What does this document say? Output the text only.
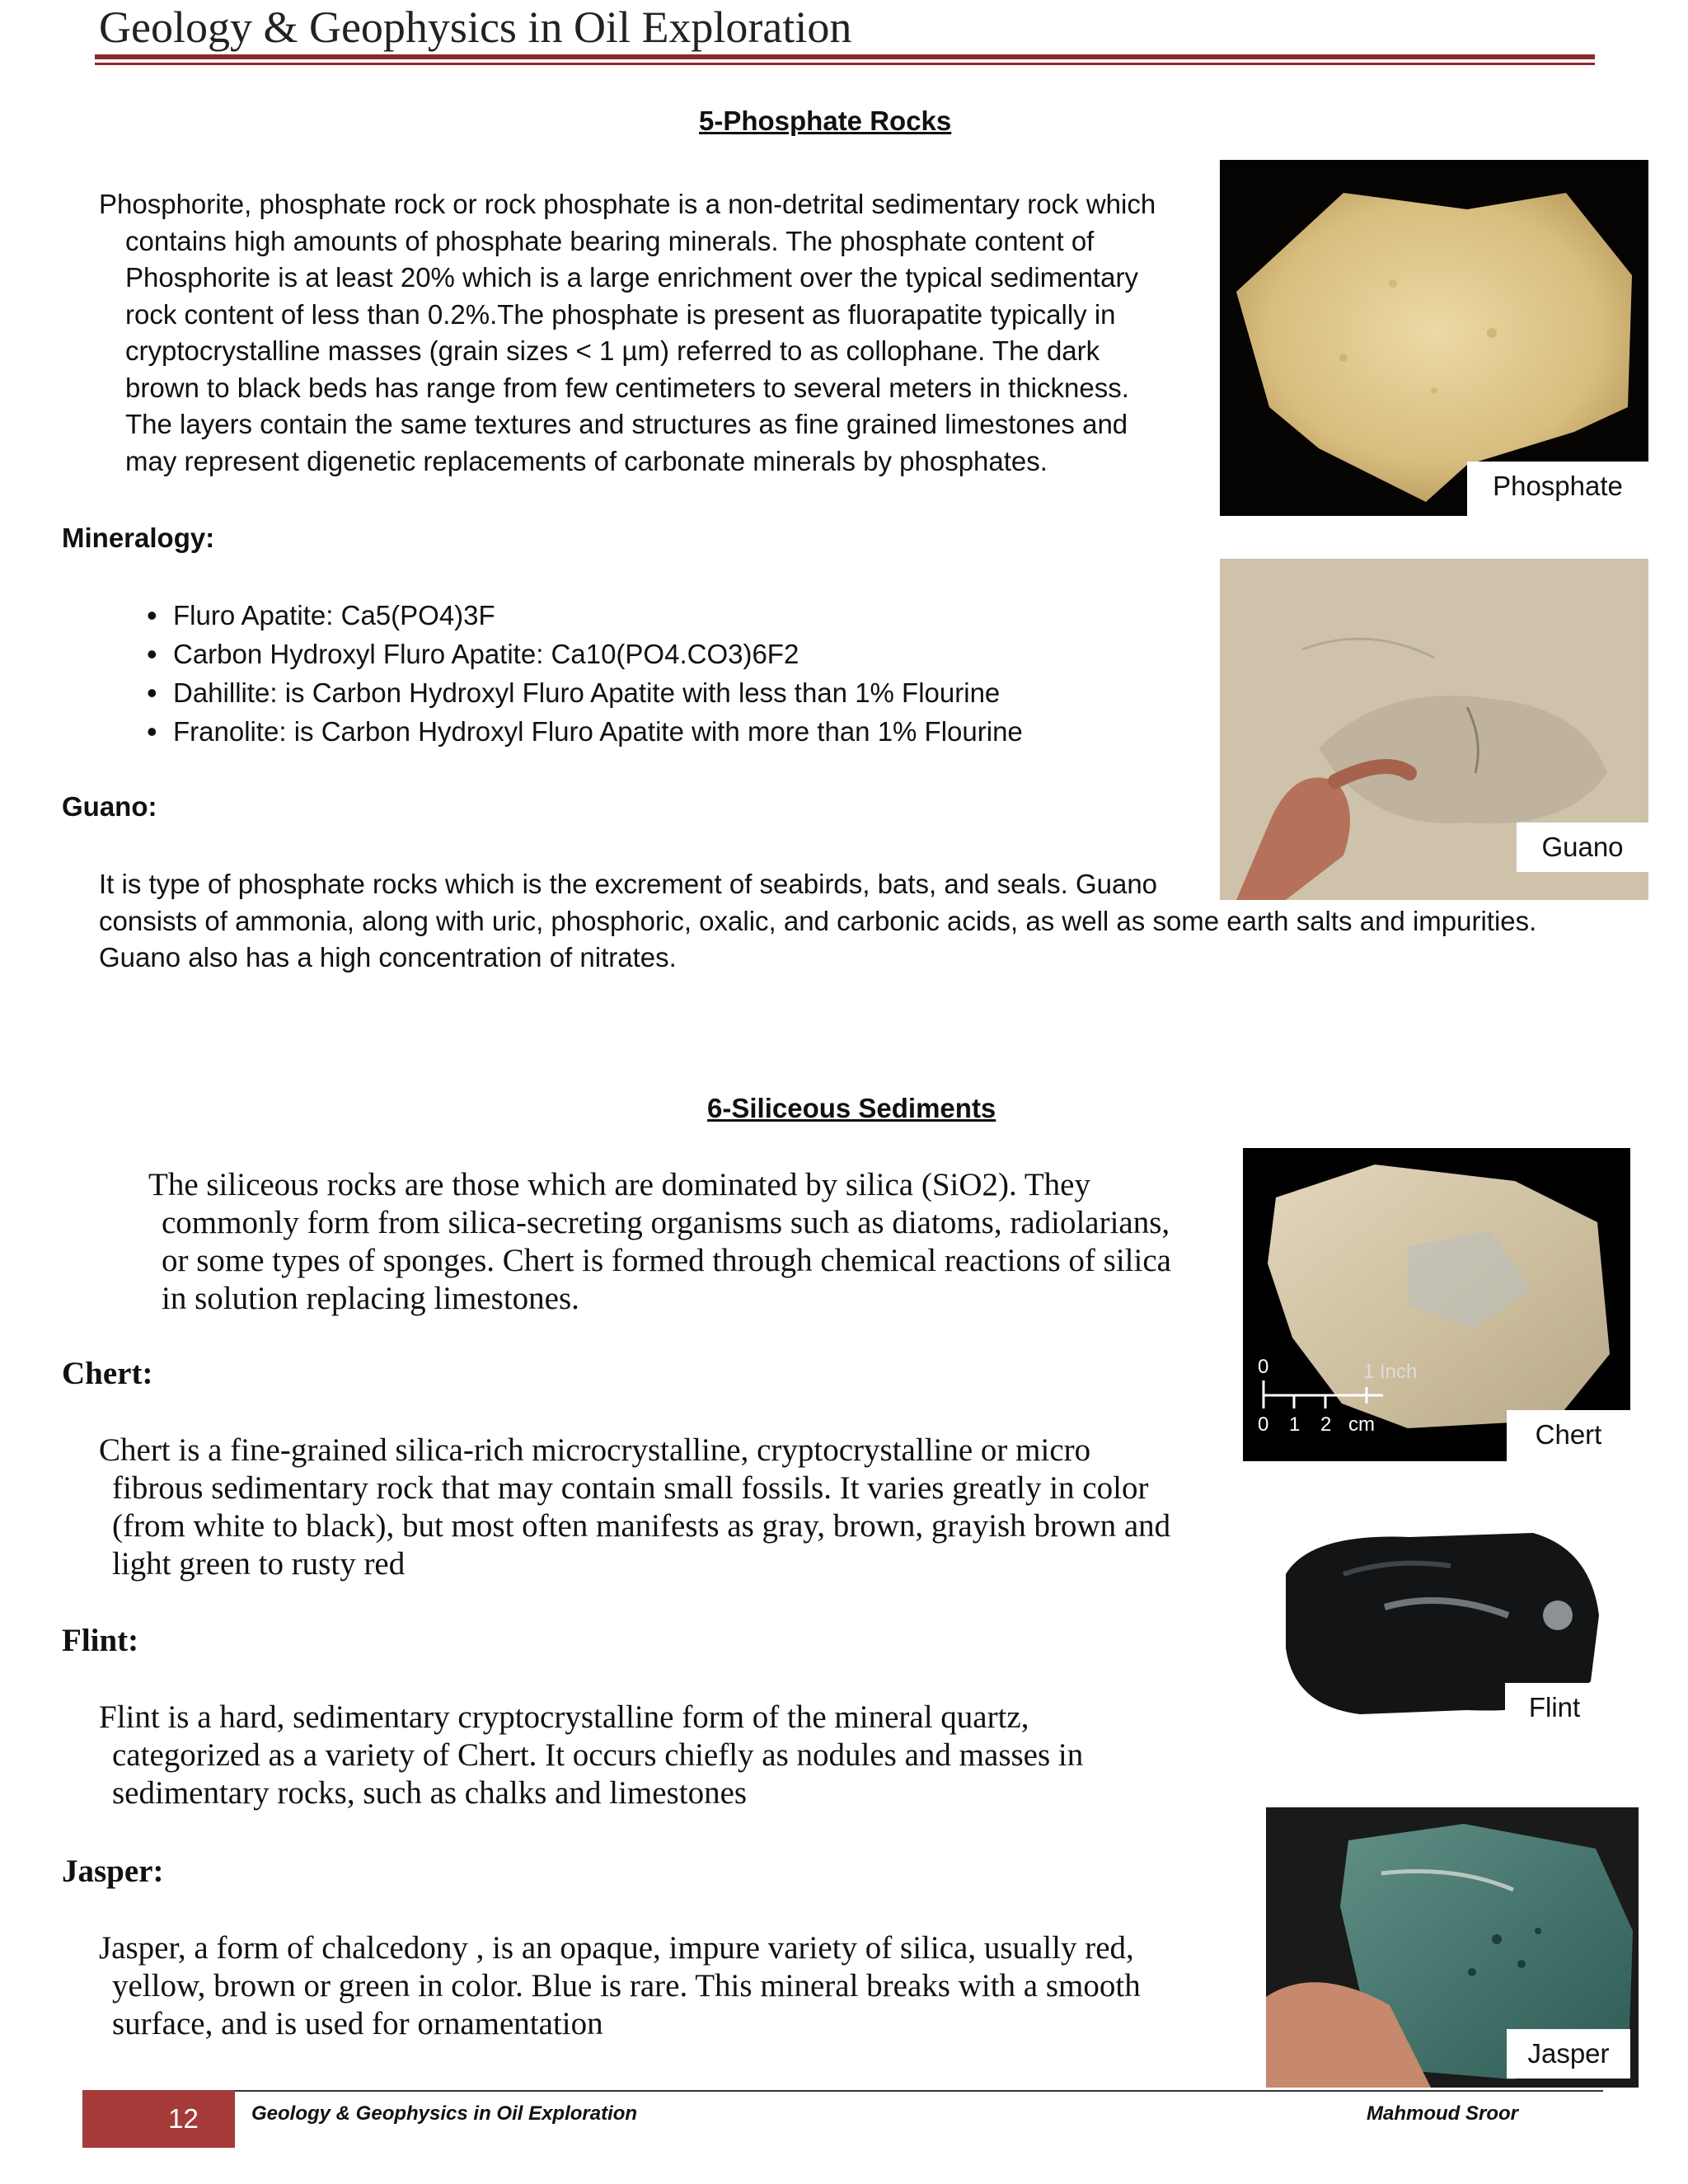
Geology & Geophysics in Oil Exploration
5-Phosphate Rocks
Phosphorite, phosphate rock or rock phosphate is a non-detrital sedimentary rock which
contains high amounts of phosphate bearing minerals. The phosphate content of
Phosphorite is at least 20% which is a large enrichment over the typical sedimentary
rock content of less than 0.2%.The phosphate is present as fluorapatite typically in
cryptocrystalline masses (grain sizes < 1 µm) referred to as collophane. The dark
brown to black beds has range from few centimeters to several meters in thickness.
The layers contain the same textures and structures as fine grained limestones and
may represent digenetic replacements of carbonate minerals by phosphates.
Phosphate
Mineralogy:
• Fluro Apatite: Ca5(PO4)3F
• Carbon Hydroxyl Fluro Apatite: Ca10(PO4.CO3)6F2
• Dahillite: is Carbon Hydroxyl Fluro Apatite with less than 1% Flourine
• Franolite: is Carbon Hydroxyl Fluro Apatite with more than 1% Flourine
Guano
Guano:
It is type of phosphate rocks which is the excrement of seabirds, bats, and seals. Guano
consists of ammonia, along with uric, phosphoric, oxalic, and carbonic acids, as well as some earth salts and impurities.
Guano also has a high concentration of nitrates.
6-Siliceous Sediments
The siliceous rocks are those which are dominated by silica (SiO2). They
commonly form from silica-secreting organisms such as diatoms, radiolarians,
or some types of sponges. Chert is formed through chemical reactions of silica
in solution replacing limestones.
0	1 Inch
0 1 2 cm	Chert
Chert:
Chert is a fine-grained silica-rich microcrystalline, cryptocrystalline or micro
fibrous sedimentary rock that may contain small fossils. It varies greatly in color
(from white to black), but most often manifests as gray, brown, grayish brown and
light green to rusty red
Flint
Flint:
Flint is a hard, sedimentary cryptocrystalline form of the mineral quartz,
categorized as a variety of Chert. It occurs chiefly as nodules and masses in
sedimentary rocks, such as chalks and limestones
Jasper
Jasper:
Jasper, a form of chalcedony , is an opaque, impure variety of silica, usually red,
yellow, brown or green in color. Blue is rare. This mineral breaks with a smooth
surface, and is used for ornamentation
12	Geology & Geophysics in Oil Exploration	Mahmoud Sroor
